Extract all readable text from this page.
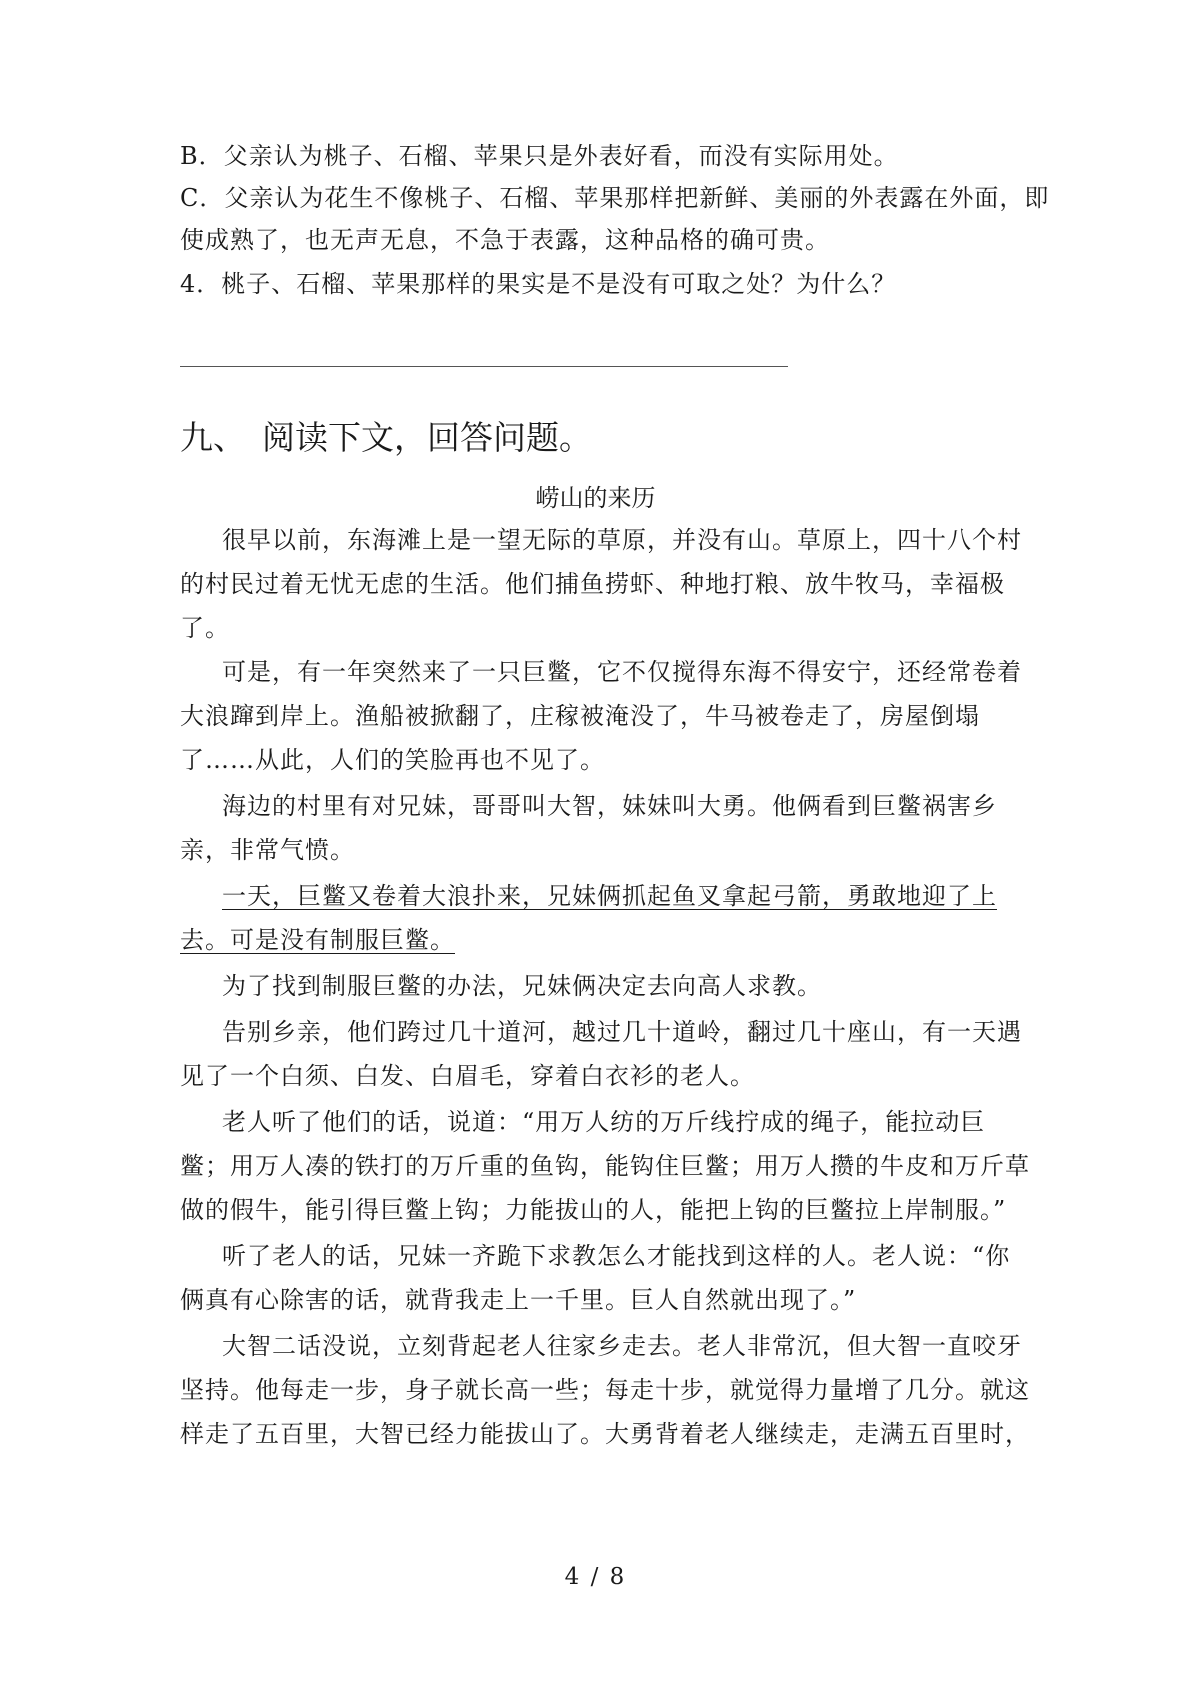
B．父亲认为桃子、石榴、苹果只是外表好看，而没有实际用处。
C．父亲认为花生不像桃子、石榴、苹果那样把新鲜、美丽的外表露在外面，即
使成熟了，也无声无息，不急于表露，这种品格的确可贵。
4．桃子、石榴、苹果那样的果实是不是没有可取之处？为什么？
九、 阅读下文，回答问题。
崂山的来历
很早以前，东海滩上是一望无际的草原，并没有山。草原上，四十八个村
的村民过着无忧无虑的生活。他们捕鱼捞虾、种地打粮、放牛牧马，幸福极
了。
可是，有一年突然来了一只巨鳖，它不仅搅得东海不得安宁，还经常卷着
大浪蹿到岸上。渔船被掀翻了，庄稼被淹没了，牛马被卷走了，房屋倒塌
了……从此，人们的笑脸再也不见了。
海边的村里有对兄妹，哥哥叫大智，妹妹叫大勇。他俩看到巨鳖祸害乡
亲，非常气愤。
一天，巨鳖又卷着大浪扑来，兄妹俩抓起鱼叉拿起弓箭，勇敢地迎了上
去。可是没有制服巨鳖。
为了找到制服巨鳖的办法，兄妹俩决定去向高人求教。
告别乡亲，他们跨过几十道河，越过几十道岭，翻过几十座山，有一天遇
见了一个白须、白发、白眉毛，穿着白衣衫的老人。
老人听了他们的话，说道：“用万人纺的万斤线拧成的绳子，能拉动巨
鳖；用万人凑的铁打的万斤重的鱼钩，能钩住巨鳖；用万人攒的牛皮和万斤草
做的假牛，能引得巨鳖上钩；力能拔山的人，能把上钩的巨鳖拉上岸制服。”
听了老人的话，兄妹一齐跪下求教怎么才能找到这样的人。老人说：“你
俩真有心除害的话，就背我走上一千里。巨人自然就出现了。”
大智二话没说，立刻背起老人往家乡走去。老人非常沉，但大智一直咬牙
坚持。他每走一步，身子就长高一些；每走十步，就觉得力量增了几分。就这
样走了五百里，大智已经力能拔山了。大勇背着老人继续走，走满五百里时，
4 / 8
